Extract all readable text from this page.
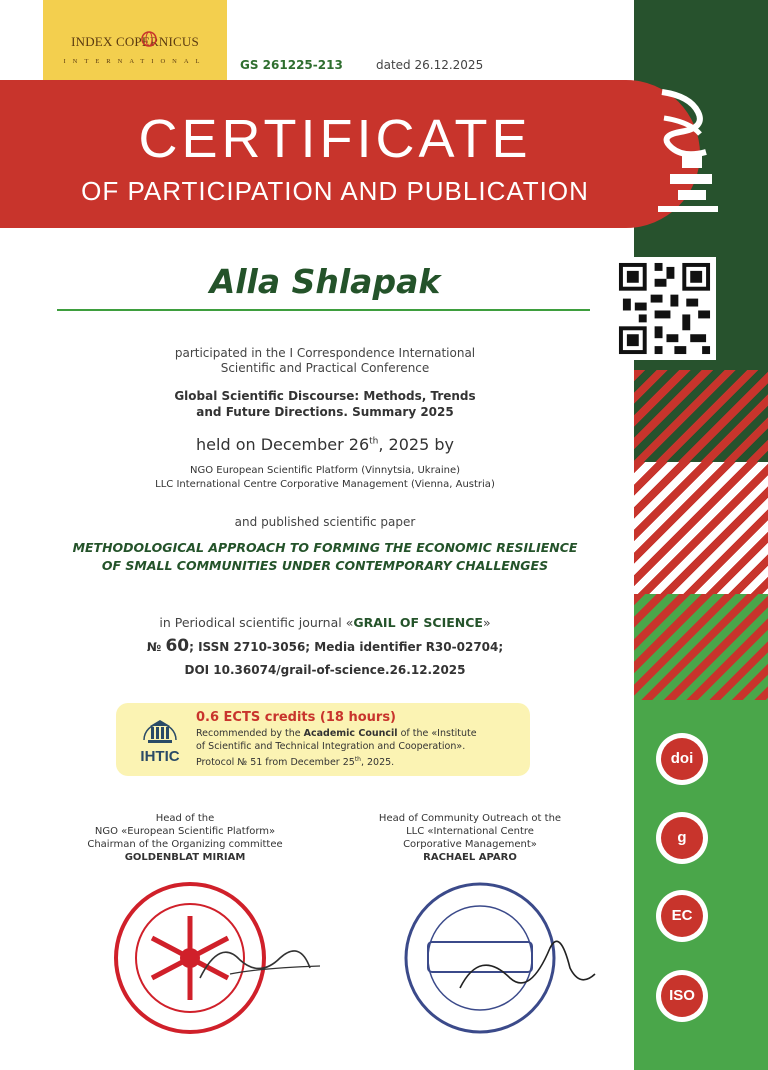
INDEX COPERNICUS
INTERNATIONAL	GS 261225-213	dated 26.12.2025
CERTIFICATE
OF PARTICIPATION AND PUBLICATION
doi
g
EC
ISO
Alla Shlapak
participated in the I Correspondence International
Scientific and Practical Conference
Global Scientific Discourse: Methods, Trends
and Future Directions. Summary 2025
held on December 26th, 2025 by
NGO European Scientific Platform (Vinnytsia, Ukraine)
LLC International Centre Corporative Management (Vienna, Austria)
and published scientific paper
METHODOLOGICAL APPROACH TO FORMING THE ECONOMIC RESILIENCE
OF SMALL COMMUNITIES UNDER CONTEMPORARY CHALLENGES
in Periodical scientific journal «GRAIL OF SCIENCE»
№ 60; ISSN 2710-3056; Media identifier R30-02704;
DOI 10.36074/grail-of-science.26.12.2025
IHTIC
0.6 ECTS credits (18 hours)
Recommended by the Academic Council of the «Institute
of Scientific and Technical Integration and Cooperation».
Protocol № 51 from December 25th, 2025.
Head of the
NGO «European Scientific Platform»
Chairman of the Organizing committee
GOLDENBLAT MIRIAM
Head of Community Outreach ot the
LLC «International Centre
Corporative Management»
RACHAEL APARO
